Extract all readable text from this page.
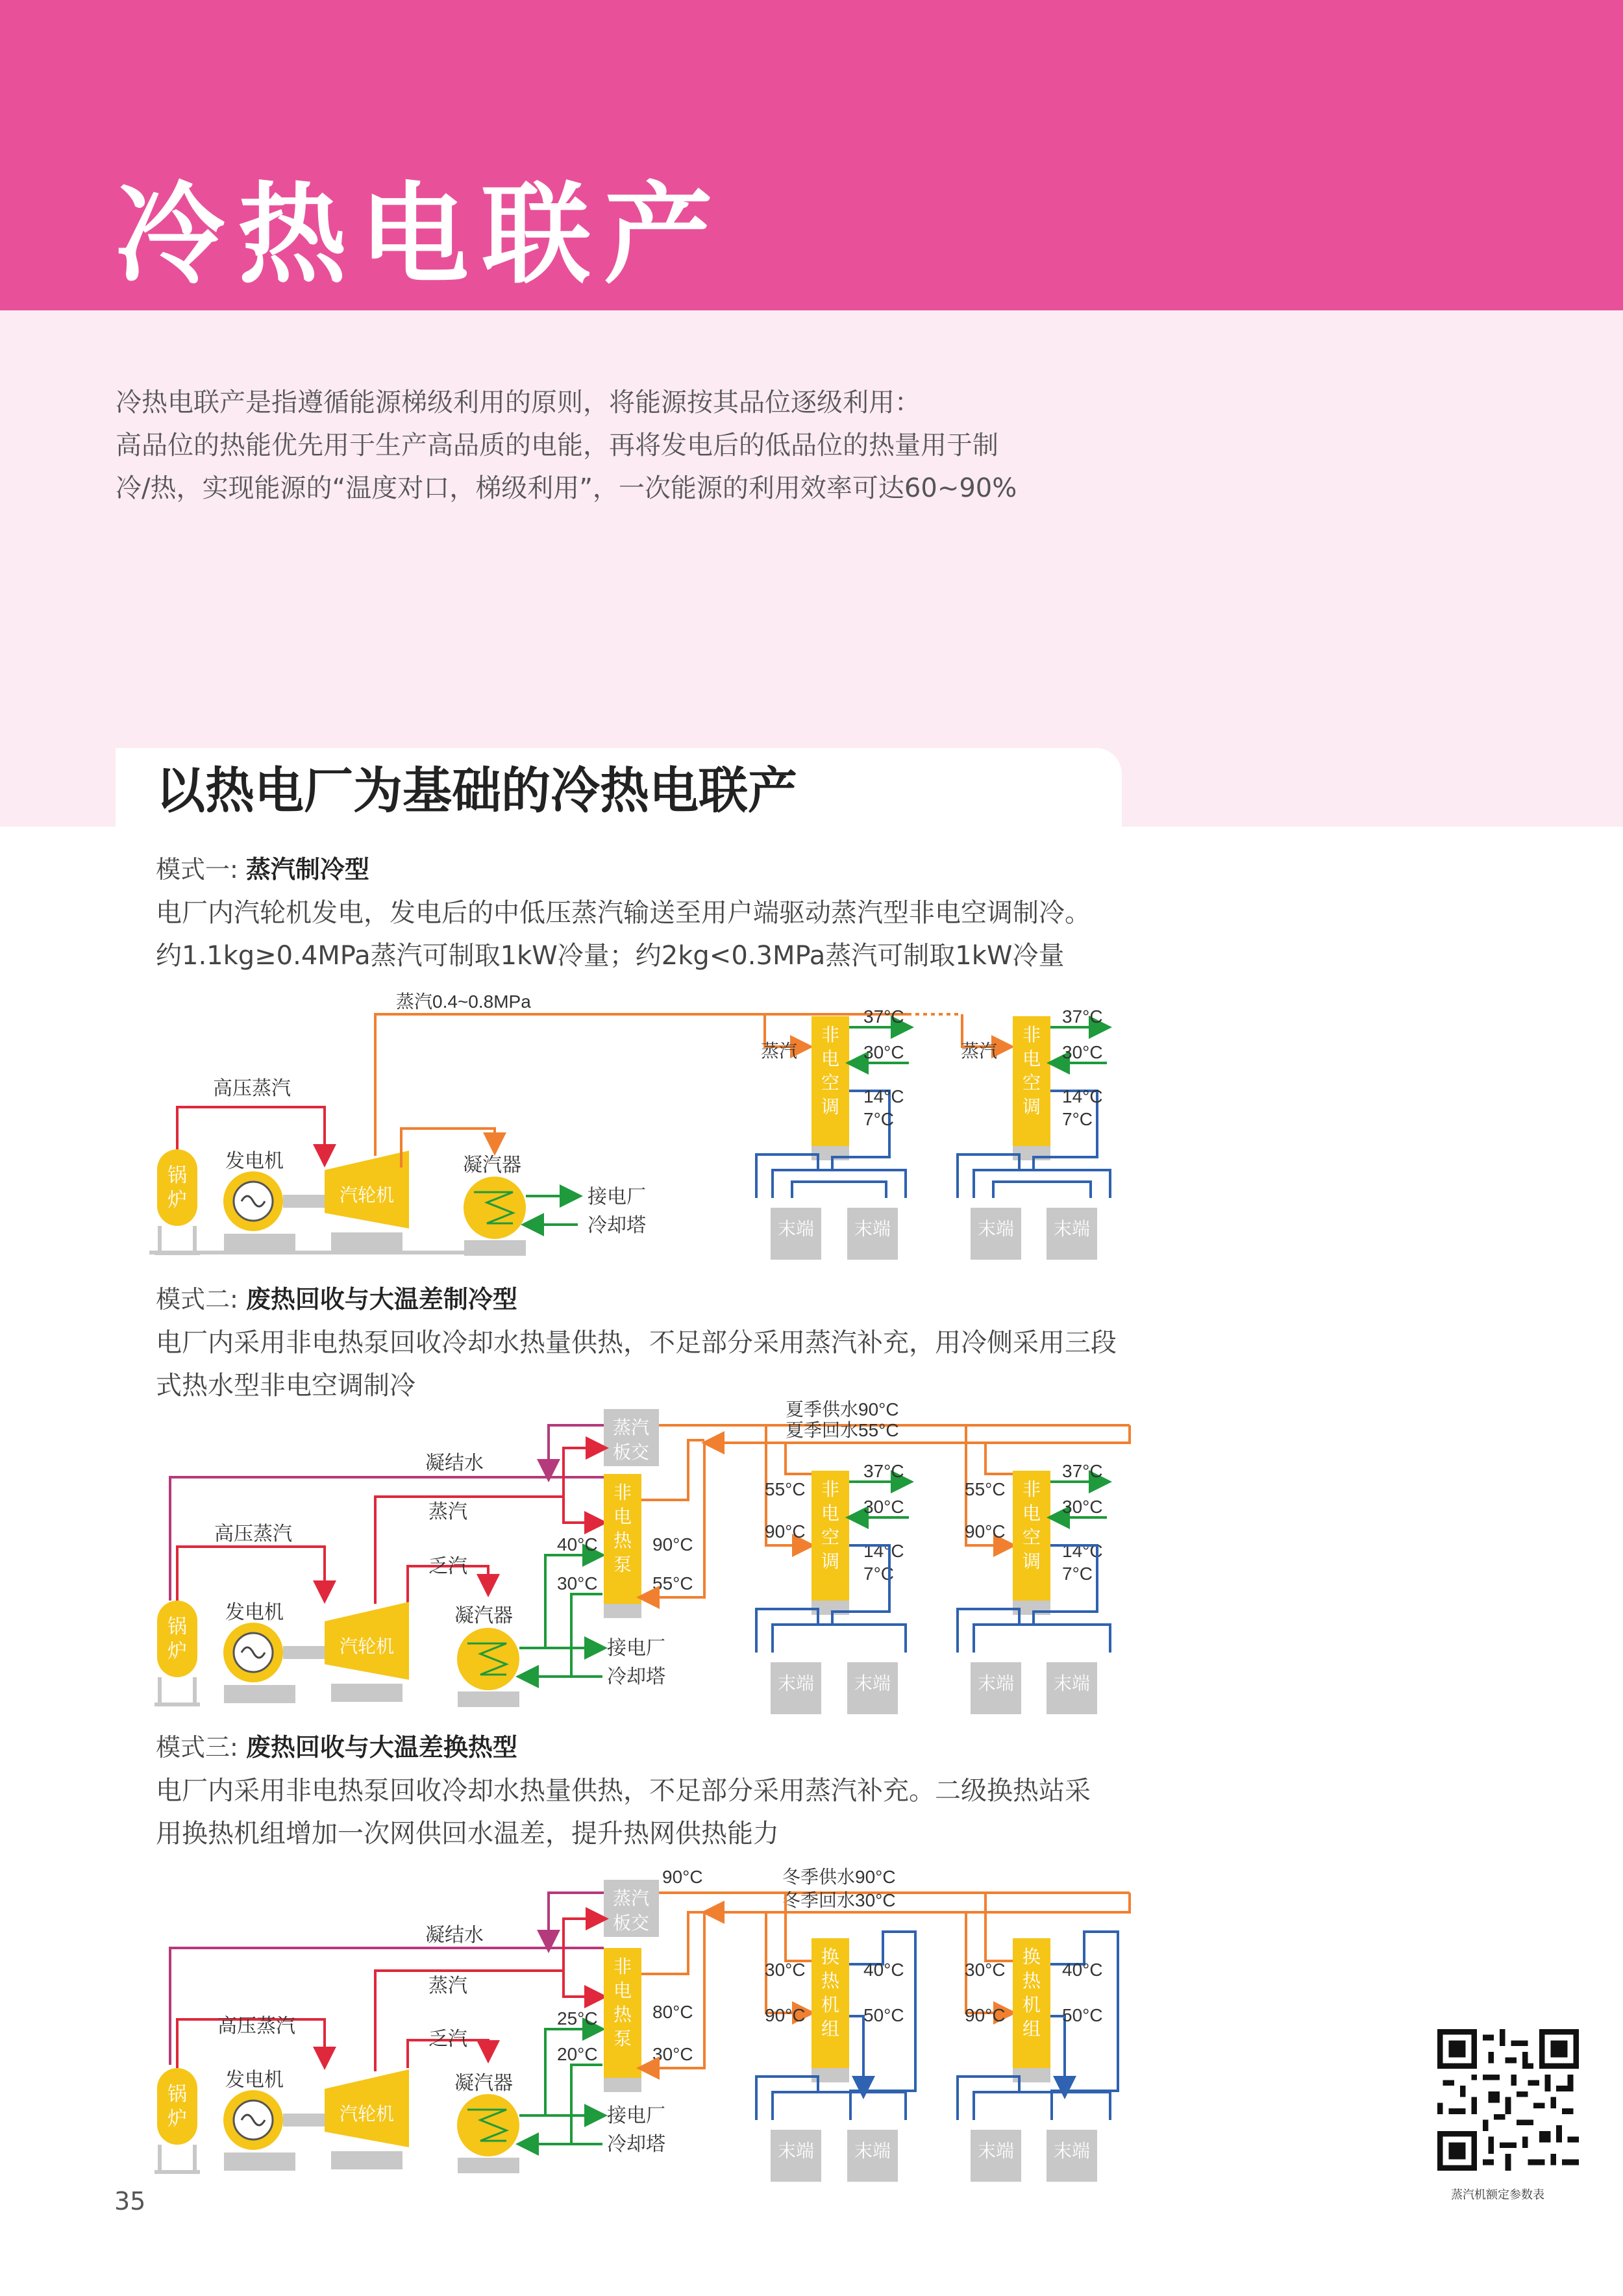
冷热电联产

冷热电联产是指遵循能源梯级利用的原则，将能源按其品位逐级利用：

高品位的热能优先用于生产高品质的电能，再将发电后的低品位的热量用于制

冷/热，实现能源的“温度对口，梯级利用”，一次能源的利用效率可达60~90%

以热电厂为基础的冷热电联产

模式一: 蒸汽制冷型

电厂内汽轮机发电，发电后的中低压蒸汽输送至用户端驱动蒸汽型非电空调制冷。

约1.1kg≥0.4MPa蒸汽可制取1kW冷量；约2kg<0.3MPa蒸汽可制取1kW冷量

锅
炉
高压蒸汽
发电机
汽轮机
蒸汽0.4~0.8MPa
凝汽器
接电厂
冷却塔
蒸汽
非
电
空
调
37°C
30°C
14°C
7°C
末端 末端
蒸汽
非
电
空
调
37°C
30°C
14°C
7°C
末端 末端

模式二: 废热回收与大温差制冷型

电厂内采用非电热泵回收冷却水热量供热，不足部分采用蒸汽补充，用冷侧采用三段

式热水型非电空调制冷

凝结水
蒸汽
板交
蒸汽
高压蒸汽
乏汽
锅
炉
发电机
汽轮机
凝汽器
接电厂
冷却塔
40°C
30°C
非
电
热
泵
90°C
55°C
夏季供水90°C
夏季回水55°C
55°C
90°C
非
电
空
调
37°C
30°C
14°C
7°C
末端 末端
55°C
90°C
非
电
空
调
37°C
30°C
14°C
7°C
末端 末端

模式三: 废热回收与大温差换热型

电厂内采用非电热泵回收冷却水热量供热，不足部分采用蒸汽补充。二级换热站采

用换热机组增加一次网供回水温差，提升热网供热能力

凝结水
蒸汽
板交
蒸汽
高压蒸汽
乏汽
锅
炉
发电机
汽轮机
凝汽器
接电厂
冷却塔
25°C
20°C
非
电
热
泵
80°C
30°C
90°C	冬季供水90°C
冬季回水30°C
30°C
90°C
换
热
机
组
40°C
50°C
末端 末端
30°C
90°C
换
热
机
组
40°C
50°C
末端 末端
蒸汽机额定参数表
35
